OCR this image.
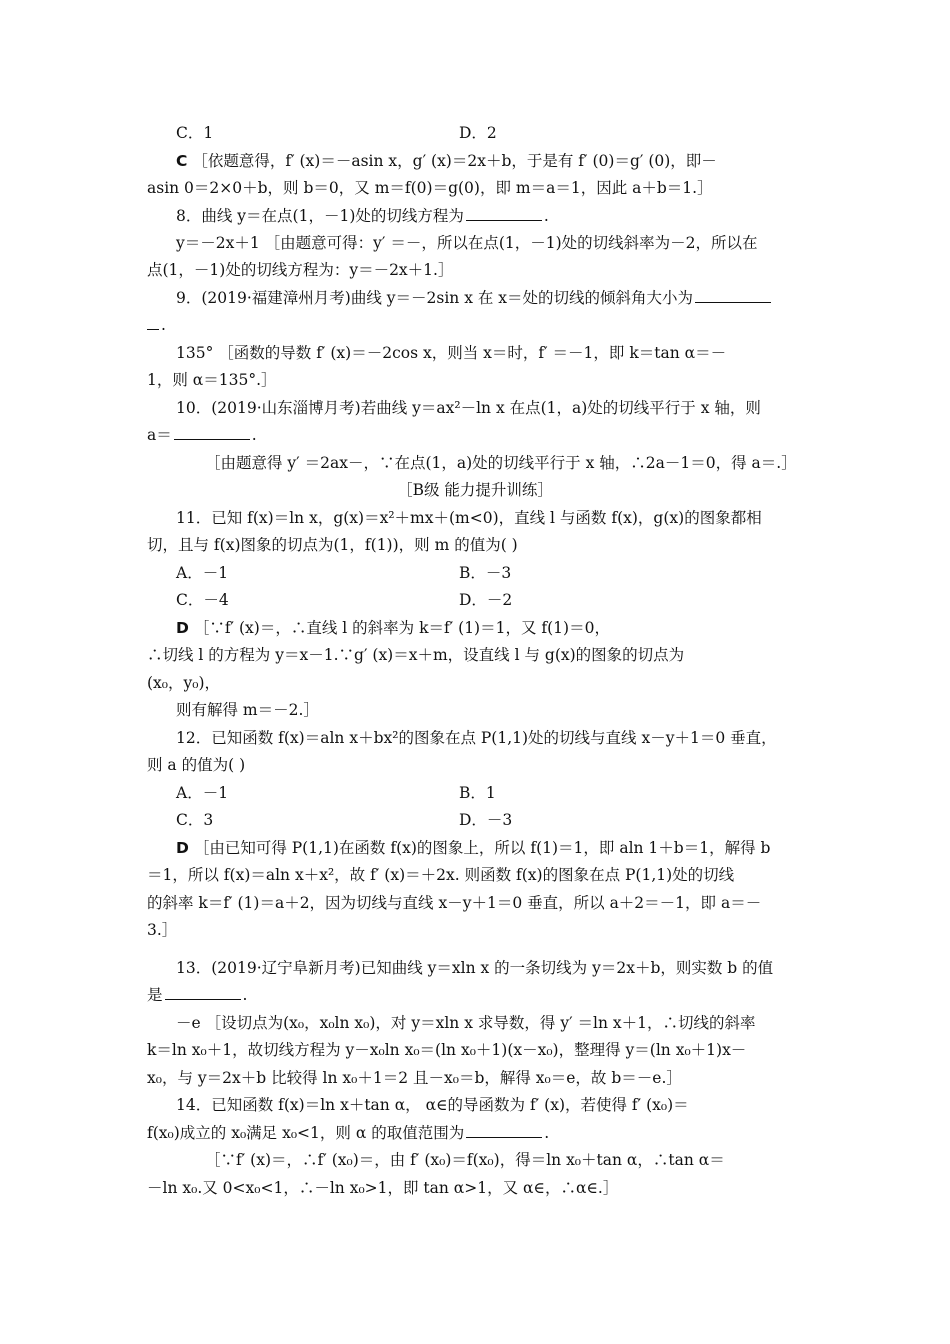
C．1	D．2
C ［依题意得，f′ (x)＝－asin x，g′ (x)＝2x＋b，于是有 f′ (0)＝g′ (0)，即－
asin 0＝2×0＋b，则 b＝0，又 m＝f(0)＝g(0)，即 m＝a＝1，因此 a＋b＝1.］
8．曲线 y＝在点(1，－1)处的切线方程为	.
y＝－2x＋1 ［由题意可得：y′ ＝－，所以在点(1，－1)处的切线斜率为－2，所以在
点(1，－1)处的切线方程为：y＝－2x＋1.］
9．(2019·福建漳州月考)曲线 y＝－2sin x 在 x＝处的切线的倾斜角大小为
.
135° ［函数的导数 f′ (x)＝－2cos x，则当 x＝时，f′ ＝－1，即 k＝tan α＝－
1，则 α＝135°.］
10．(2019·山东淄博月考)若曲线 y＝ax²－ln x 在点(1，a)处的切线平行于 x 轴，则
a＝	.
［由题意得 y′ ＝2ax－，∵在点(1，a)处的切线平行于 x 轴，∴2a－1＝0，得 a＝.］
［B级 能力提升训练］
11．已知 f(x)＝ln x，g(x)＝x²＋mx＋(m<0)，直线 l 与函数 f(x)，g(x)的图象都相
切，且与 f(x)图象的切点为(1，f(1))，则 m 的值为( )
A．－1	B．－3
C．－4	D．－2
D ［∵f′ (x)＝，∴直线 l 的斜率为 k＝f′ (1)＝1，又 f(1)＝0，
∴切线 l 的方程为 y＝x－1.∵g′ (x)＝x＋m，设直线 l 与 g(x)的图象的切点为
(x₀，y₀)，
则有解得 m＝－2.］
12．已知函数 f(x)＝aln x＋bx²的图象在点 P(1,1)处的切线与直线 x－y＋1＝0 垂直，
则 a 的值为( )
A．－1	B．1
C．3	D．－3
D ［由已知可得 P(1,1)在函数 f(x)的图象上，所以 f(1)＝1，即 aln 1＋b＝1，解得 b
＝1，所以 f(x)＝aln x＋x²，故 f′ (x)＝＋2x. 则函数 f(x)的图象在点 P(1,1)处的切线
的斜率 k＝f′ (1)＝a＋2，因为切线与直线 x－y＋1＝0 垂直，所以 a＋2＝－1，即 a＝－
3.］
13．(2019·辽宁阜新月考)已知曲线 y＝xln x 的一条切线为 y＝2x＋b，则实数 b 的值
是	.
－e ［设切点为(x₀，x₀ln x₀)，对 y＝xln x 求导数，得 y′ ＝ln x＋1，∴切线的斜率
k＝ln x₀＋1，故切线方程为 y－x₀ln x₀＝(ln x₀＋1)(x－x₀)，整理得 y＝(ln x₀＋1)x－
x₀，与 y＝2x＋b 比较得 ln x₀＋1＝2 且－x₀＝b，解得 x₀＝e，故 b＝－e.］
14．已知函数 f(x)＝ln x＋tan α， α∈的导函数为 f′ (x)，若使得 f′ (x₀)＝
f(x₀)成立的 x₀满足 x₀<1，则 α 的取值范围为	.
［∵f′ (x)＝，∴f′ (x₀)＝，由 f′ (x₀)＝f(x₀)，得＝ln x₀＋tan α，∴tan α＝
－ln x₀.又 0<x₀<1，∴－ln x₀>1，即 tan α>1，又 α∈，∴α∈.］
